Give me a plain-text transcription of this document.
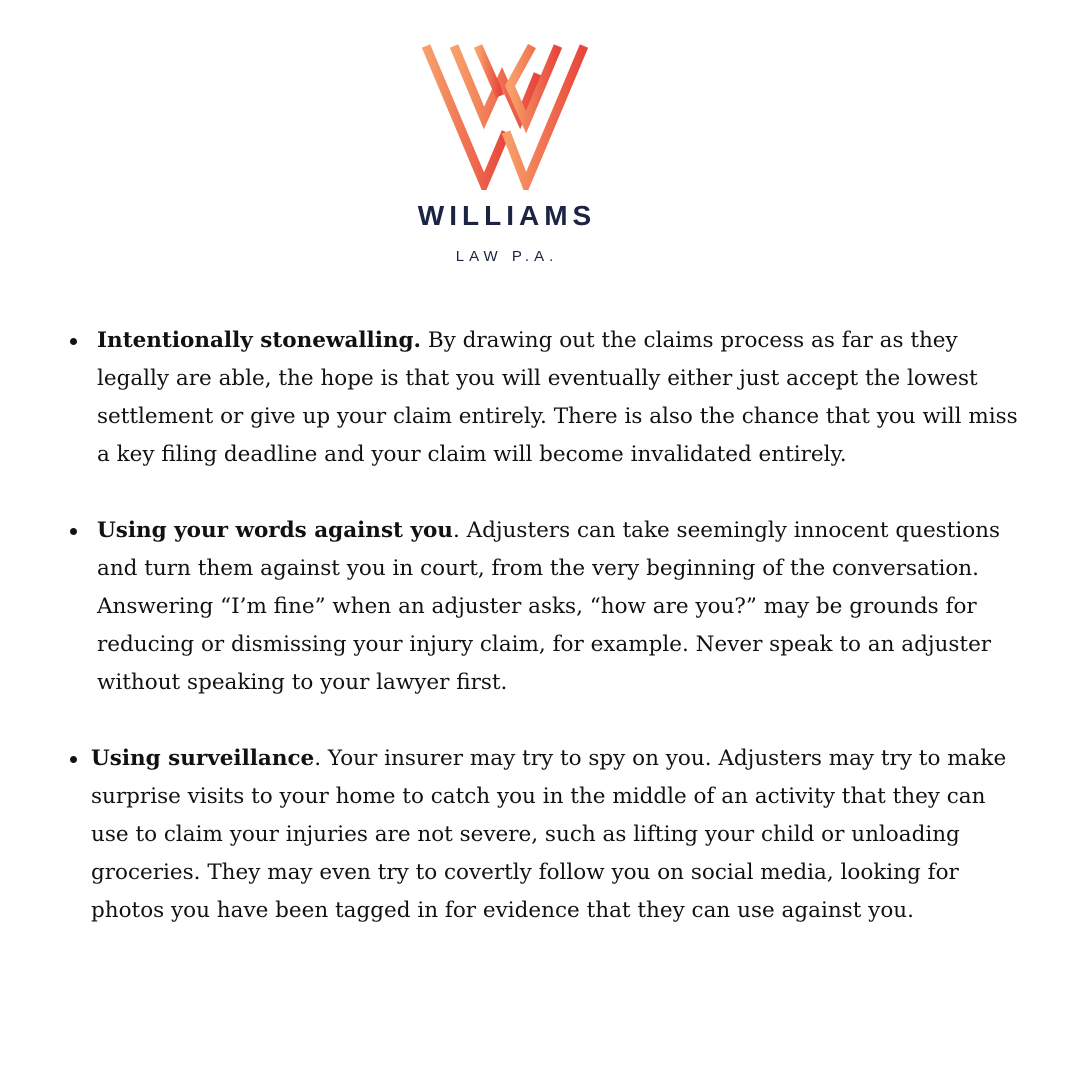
WILLIAMS
LAW P.A.
Intentionally stonewalling. By drawing out the claims process as far as they legally are able, the hope is that you will eventually either just accept the lowest settlement or give up your claim entirely. There is also the chance that you will miss a key filing deadline and your claim will become invalidated entirely.
Using your words against you. Adjusters can take seemingly innocent questions and turn them against you in court, from the very beginning of the conversation. Answering “I’m fine” when an adjuster asks, “how are you?” may be grounds for reducing or dismissing your injury claim, for example. Never speak to an adjuster without speaking to your lawyer first.
Using surveillance. Your insurer may try to spy on you. Adjusters may try to make surprise visits to your home to catch you in the middle of an activity that they can use to claim your injuries are not severe, such as lifting your child or unloading groceries. They may even try to covertly follow you on social media, looking for photos you have been tagged in for evidence that they can use against you.
